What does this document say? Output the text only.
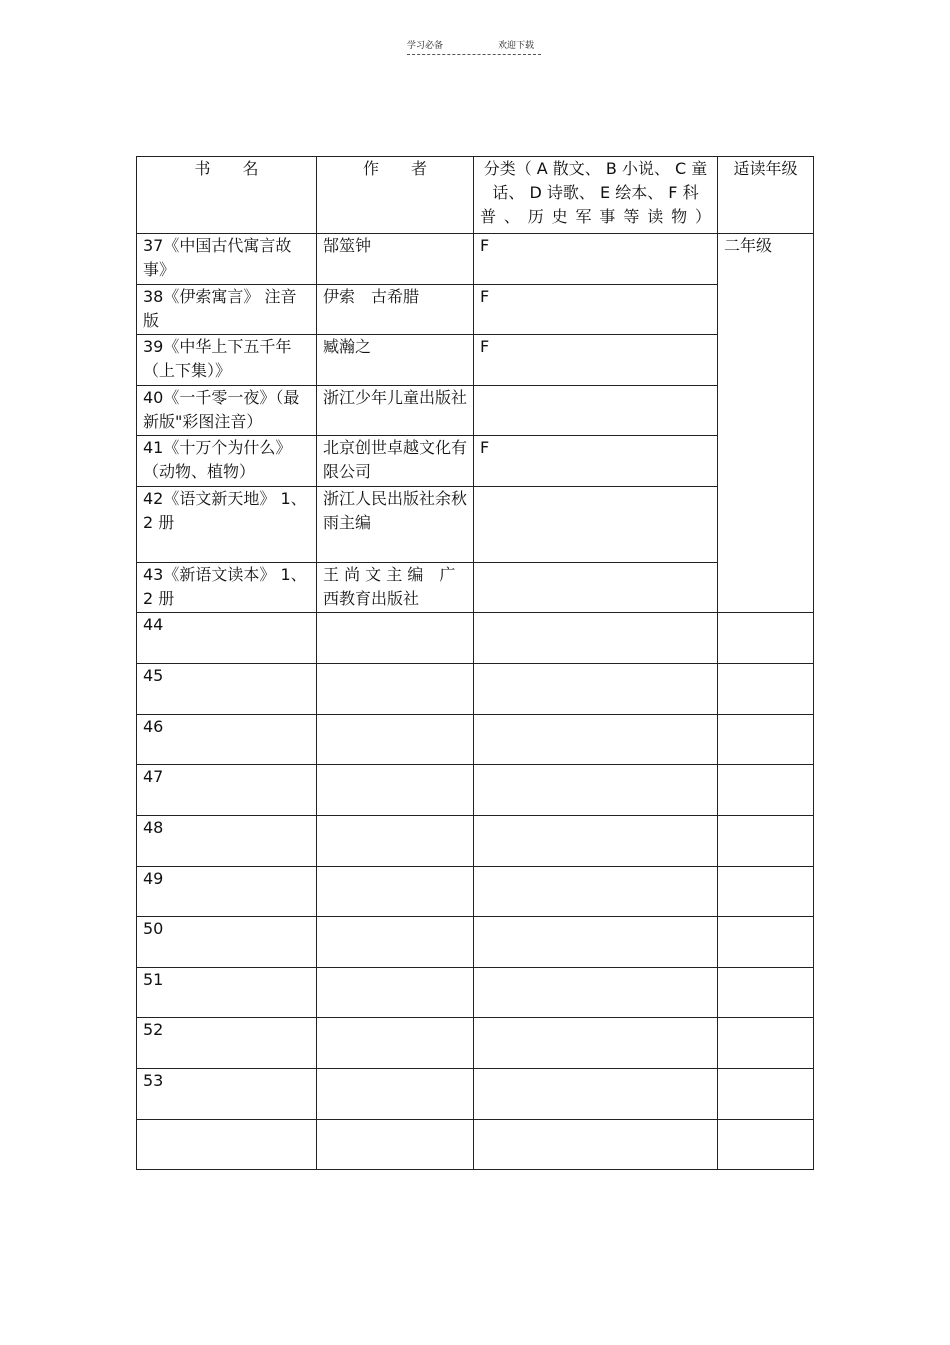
学习必备	欢迎下载
书　　名	作　　者	分类（ A 散文、 B 小说、 C 童话、 D 诗歌、 E 绘本、 F 科普、历史军事等读物）	适读年级
37《中国古代寓言故事》	郜筮钟	F	二年级
38《伊索寓言》 注音版	伊索　古希腊	F	
39《中华上下五千年（上下集）》	臧瀚之	F	
40《一千零一夜》（最新版"彩图注音）	浙江少年儿童出版社		
41《十万个为什么》（动物、植物）	北京创世卓越文化有限公司	F	
42《语文新天地》 1、2 册	浙江人民出版社余秋雨主编		
43《新语文读本》 1、2 册	王 尚 文 主 编　广西教育出版社		
44			
45			
46			
47			
48			
49			
50			
51			
52			
53			
